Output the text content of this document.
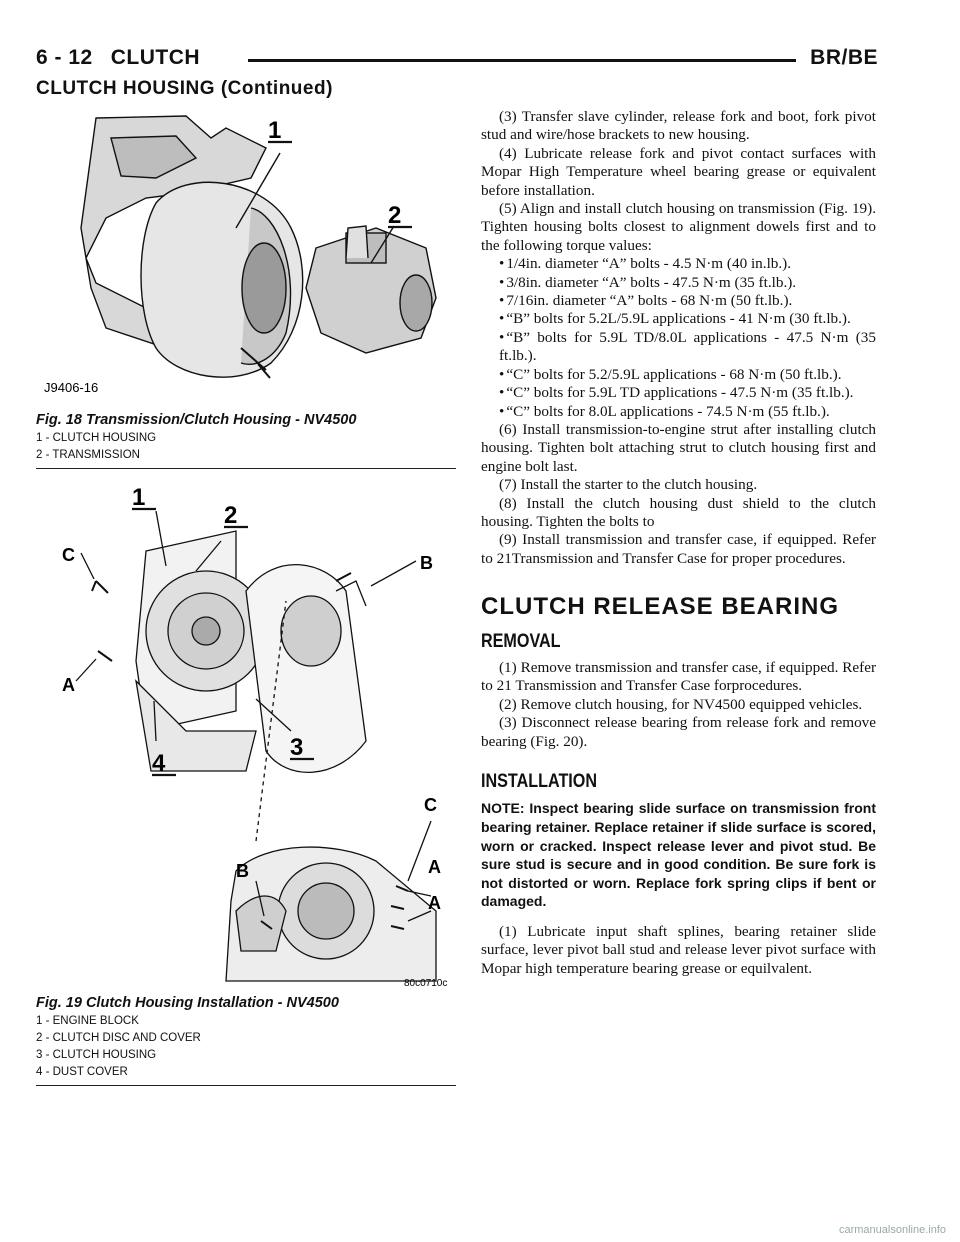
6 - 12 CLUTCH	BR/BE
CLUTCH HOUSING (Continued)
1
2
J9406-16
Fig. 18 Transmission/Clutch Housing - NV4500
1 - CLUTCH HOUSING
2 - TRANSMISSION
1
2
3
4
C	B
A
B
C
A
A
80c0710c
Fig. 19 Clutch Housing Installation - NV4500
1 - ENGINE BLOCK
2 - CLUTCH DISC AND COVER
3 - CLUTCH HOUSING
4 - DUST COVER

(3) Transfer slave cylinder, release fork and boot, fork pivot stud and wire/hose brackets to new housing.

(4) Lubricate release fork and pivot contact surfaces with Mopar High Temperature wheel bearing grease or equivalent before installation.

(5) Align and install clutch housing on transmission (Fig. 19). Tighten housing bolts closest to alignment dowels first and to the following torque values:

• 1/4in. diameter “A” bolts - 4.5 N·m (40 in.lb.).

• 3/8in. diameter “A” bolts - 47.5 N·m (35 ft.lb.).

• 7/16in. diameter “A” bolts - 68 N·m (50 ft.lb.).

• “B” bolts for 5.2L/5.9L applications - 41 N·m (30 ft.lb.).

• “B” bolts for 5.9L TD/8.0L applications - 47.5 N·m (35 ft.lb.).

• “C” bolts for 5.2/5.9L applications - 68 N·m (50 ft.lb.).

• “C” bolts for 5.9L TD applications - 47.5 N·m (35 ft.lb.).

• “C” bolts for 8.0L applications - 74.5 N·m (55 ft.lb.).

(6) Install transmission-to-engine strut after installing clutch housing. Tighten bolt attaching strut to clutch housing first and engine bolt last.

(7) Install the starter to the clutch housing.

(8) Install the clutch housing dust shield to the clutch housing. Tighten the bolts to

(9) Install transmission and transfer case, if equipped. Refer to 21Transmission and Transfer Case for proper procedures.

CLUTCH RELEASE BEARING
REMOVAL

(1) Remove transmission and transfer case, if equipped. Refer to 21 Transmission and Transfer Case forprocedures.

(2) Remove clutch housing, for NV4500 equipped vehicles.

(3) Disconnect release bearing from release fork and remove bearing (Fig. 20).

INSTALLATION
NOTE: Inspect bearing slide surface on transmission front bearing retainer. Replace retainer if slide surface is scored, worn or cracked. Inspect release lever and pivot stud. Be sure stud is secure and in good condition. Be sure fork is not distorted or worn. Replace fork spring clips if bent or damaged.

(1) Lubricate input shaft splines, bearing retainer slide surface, lever pivot ball stud and release lever pivot surface with Mopar high temperature bearing grease or equilvalent.

carmanualsonline.info
